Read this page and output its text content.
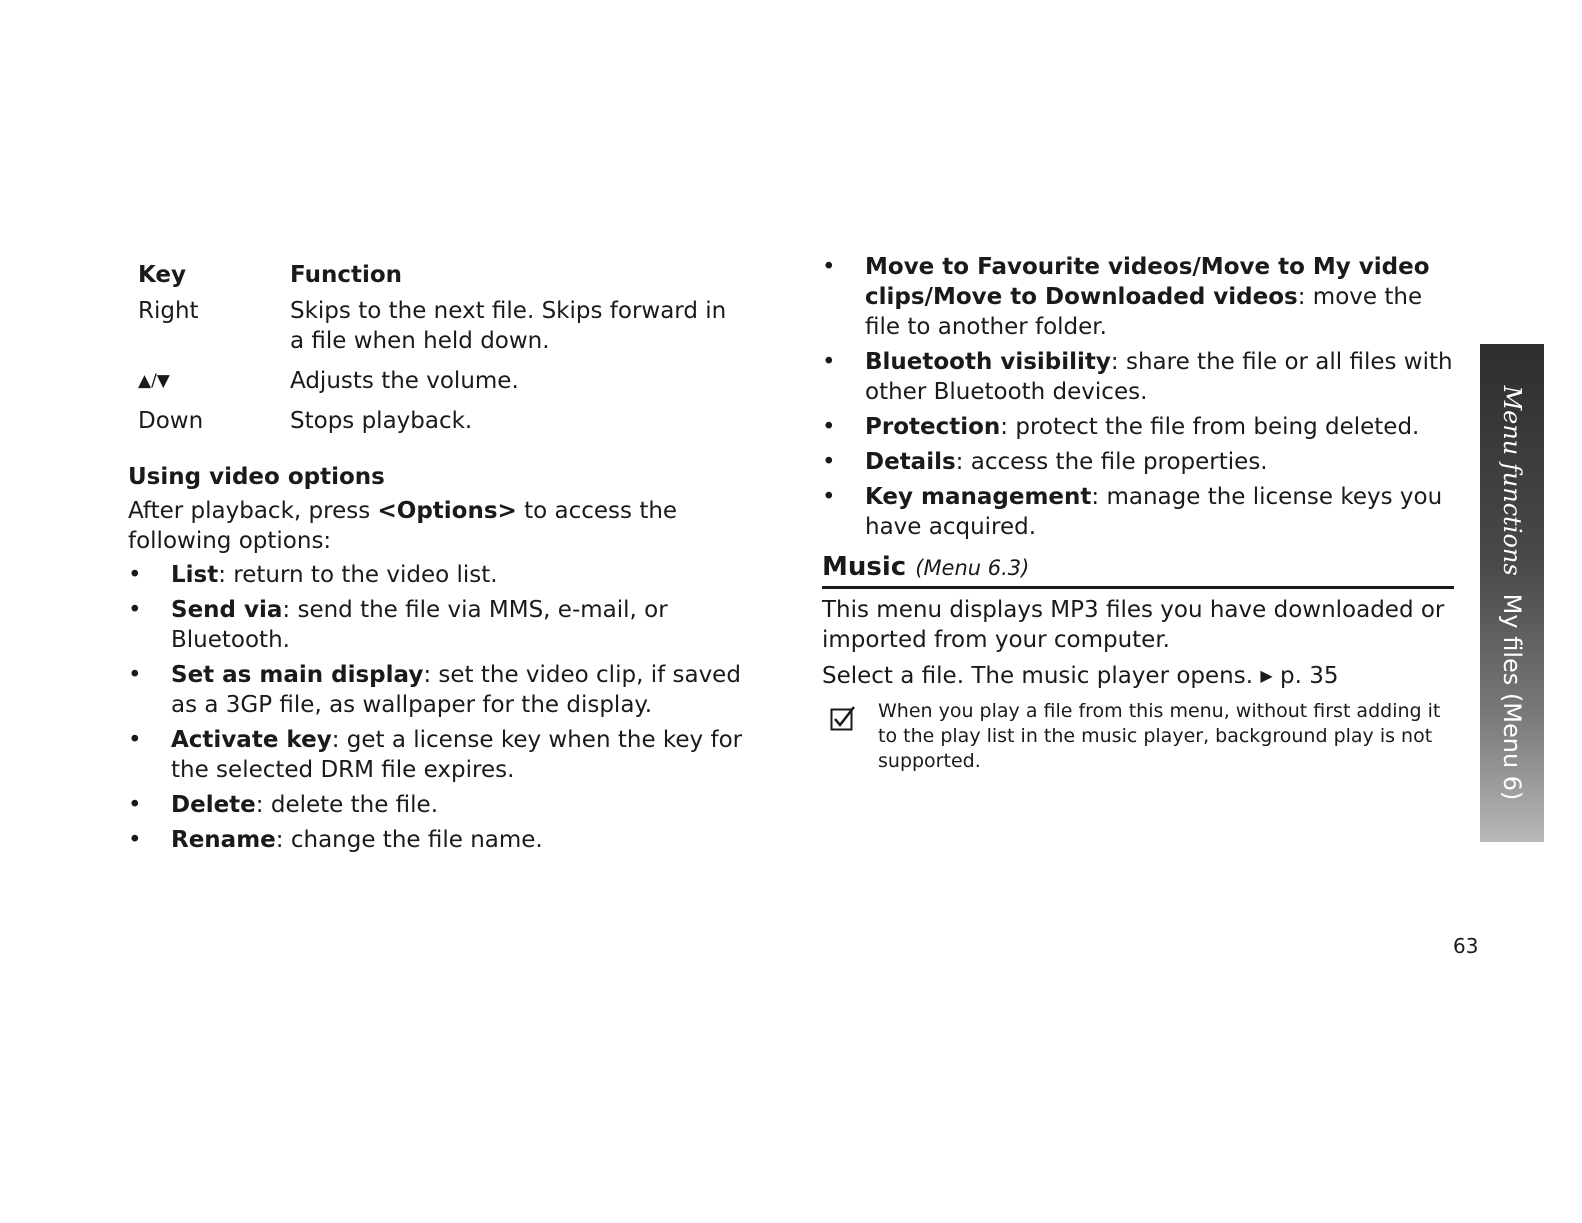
Key	Function
Right	Skips to the next file. Skips forward in a file when held down.
▲/▼	Adjusts the volume.
Down	Stops playback.
Using video options

After playback, press <Options> to access the following options:

• List: return to the video list.
• Send via: send the file via MMS, e-mail, or Bluetooth.
• Set as main display: set the video clip, if saved as a 3GP file, as wallpaper for the display.
• Activate key: get a license key when the key for the selected DRM file expires.
• Delete: delete the file.
• Rename: change the file name.
• Move to Favourite videos/Move to My video clips/Move to Downloaded videos: move the file to another folder.
• Bluetooth visibility: share the file or all files with other Bluetooth devices.
• Protection: protect the file from being deleted.
• Details: access the file properties.
• Key management: manage the license keys you have acquired.
Music (Menu 6.3)

This menu displays MP3 files you have downloaded or imported from your computer.

Select a file. The music player opens. ▶ p. 35

When you play a file from this menu, without first adding it to the play list in the music player, background play is not supported.
Menu functionsMy files (Menu 6)
63
